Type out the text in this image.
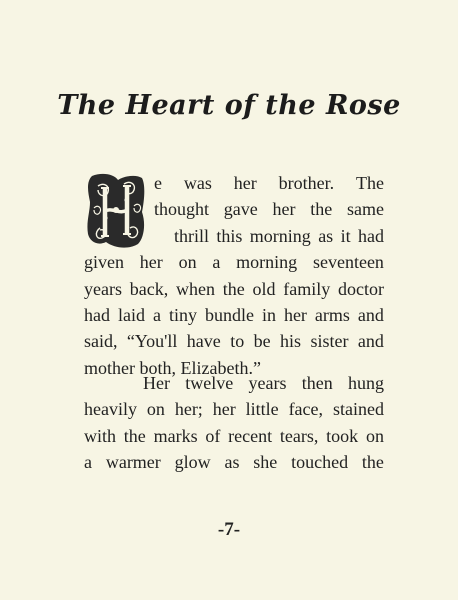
The Heart of the Rose
H
e was her brother. The
thought gave her the same
thrill this morning as it had
given her on a morning seventeen
years back, when the old family doctor
had laid a tiny bundle in her arms and
said, “You'll have to be his sister and
mother both, Elizabeth.”
Her twelve years then hung
heavily on her; her little face, stained
with the marks of recent tears, took on
a warmer glow as she touched the
-7-
